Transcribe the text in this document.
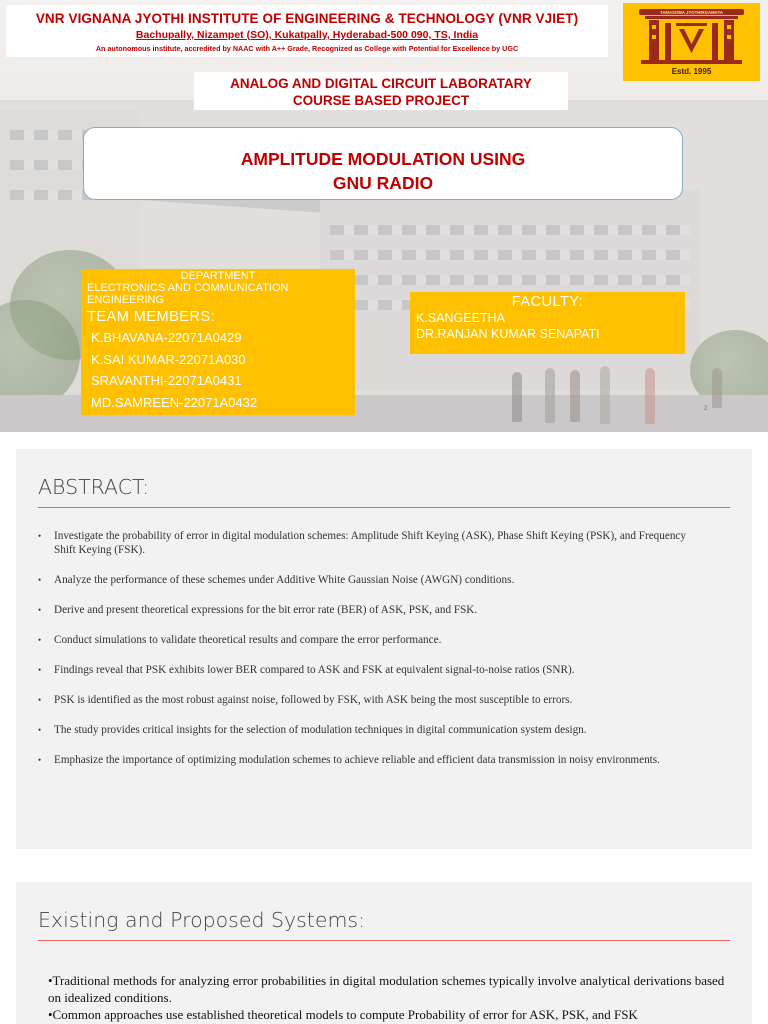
VNR VIGNANA JYOTHI INSTITUTE OF ENGINEERING & TECHNOLOGY (VNR VJIET)
Bachupally, Nizampet (SO), Kukatpally, Hyderabad-500 090, TS, India
An autonomous institute, accredited by NAAC with A++ Grade, Recognized as College with Potential for Excellence by UGC
TAMASOMA JYOTHIRGAMAYA
Estd. 1995
ANALOG AND DIGITAL CIRCUIT LABORATARY
COURSE BASED PROJECT
AMPLITUDE MODULATION USING
GNU RADIO
DEPARTMENT
ELECTRONICS AND COMMUNICATION
ENGINEERING
TEAM MEMBERS:
K.BHAVANA-22071A0429
K.SAI KUMAR-22071A030
SRAVANTHI-22071A0431
MD.SAMREEN-22071A0432
FACULTY:
K.SANGEETHA
DR.RANJAN KUMAR SENAPATI
2
ABSTRACT:
• Investigate the probability of error in digital modulation schemes: Amplitude Shift Keying (ASK), Phase Shift Keying (PSK), and Frequency Shift Keying (FSK).
• Analyze the performance of these schemes under Additive White Gaussian Noise (AWGN) conditions.
• Derive and present theoretical expressions for the bit error rate (BER) of ASK, PSK, and FSK.
• Conduct simulations to validate theoretical results and compare the error performance.
• Findings reveal that PSK exhibits lower BER compared to ASK and FSK at equivalent signal-to-noise ratios (SNR).
• PSK is identified as the most robust against noise, followed by FSK, with ASK being the most susceptible to errors.
• The study provides critical insights for the selection of modulation techniques in digital communication system design.
• Emphasize the importance of optimizing modulation schemes to achieve reliable and efficient data transmission in noisy environments.
Existing and Proposed Systems:
•Traditional methods for analyzing error probabilities in digital modulation schemes typically involve analytical derivations based on idealized conditions.
•Common approaches use established theoretical models to compute Probability of error for ASK, PSK, and FSK
